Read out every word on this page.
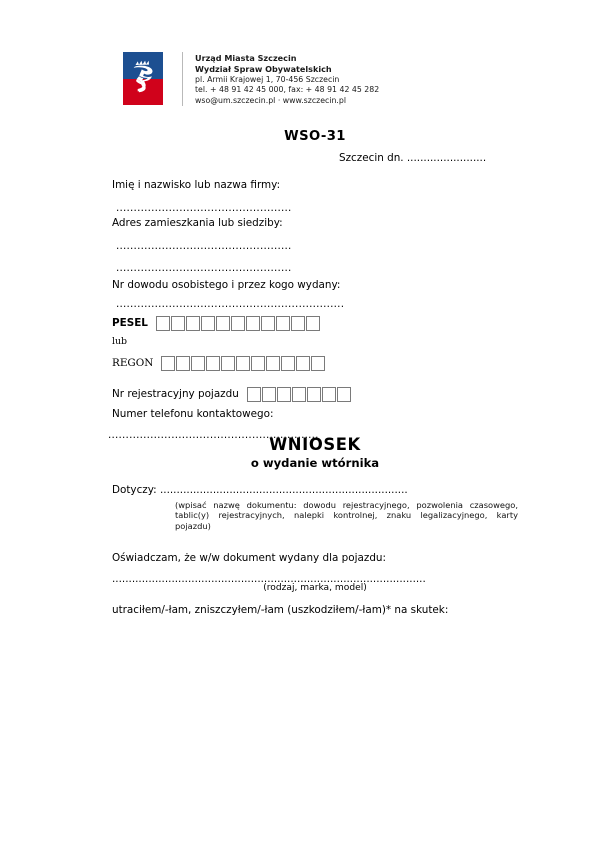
Urząd Miasta Szczecin
Wydział Spraw Obywatelskich
pl. Armii Krajowej 1, 70-456 Szczecin
tel. + 48 91 42 45 000, fax: + 48 91 42 45 282
wso@um.szczecin.pl · www.szczecin.pl
WSO-31
Szczecin dn. ........................
Imię i nazwisko lub nazwa firmy:
..................................................
Adres zamieszkania lub siedziby:
..................................................
..................................................
Nr dowodu osobistego i przez kogo wydany:
.................................................................
PESEL
lub
REGON
Nr rejestracyjny pojazdu
Numer telefonu kontaktowego:
............................................................
WNIOSEK
o wydanie wtórnika
Dotyczy: ...........................................................................
(wpisać nazwę dokumentu: dowodu rejestracyjnego, pozwolenia czasowego,
tablic(y) rejestracyjnych, nalepki kontrolnej, znaku legalizacyjnego, karty
pojazdu)
Oświadczam, że w/w dokument wydany dla pojazdu:
...............................................................................................
(rodzaj, marka, model)
utraciłem/-łam, zniszczyłem/-łam (uszkodziłem/-łam)* na skutek:
